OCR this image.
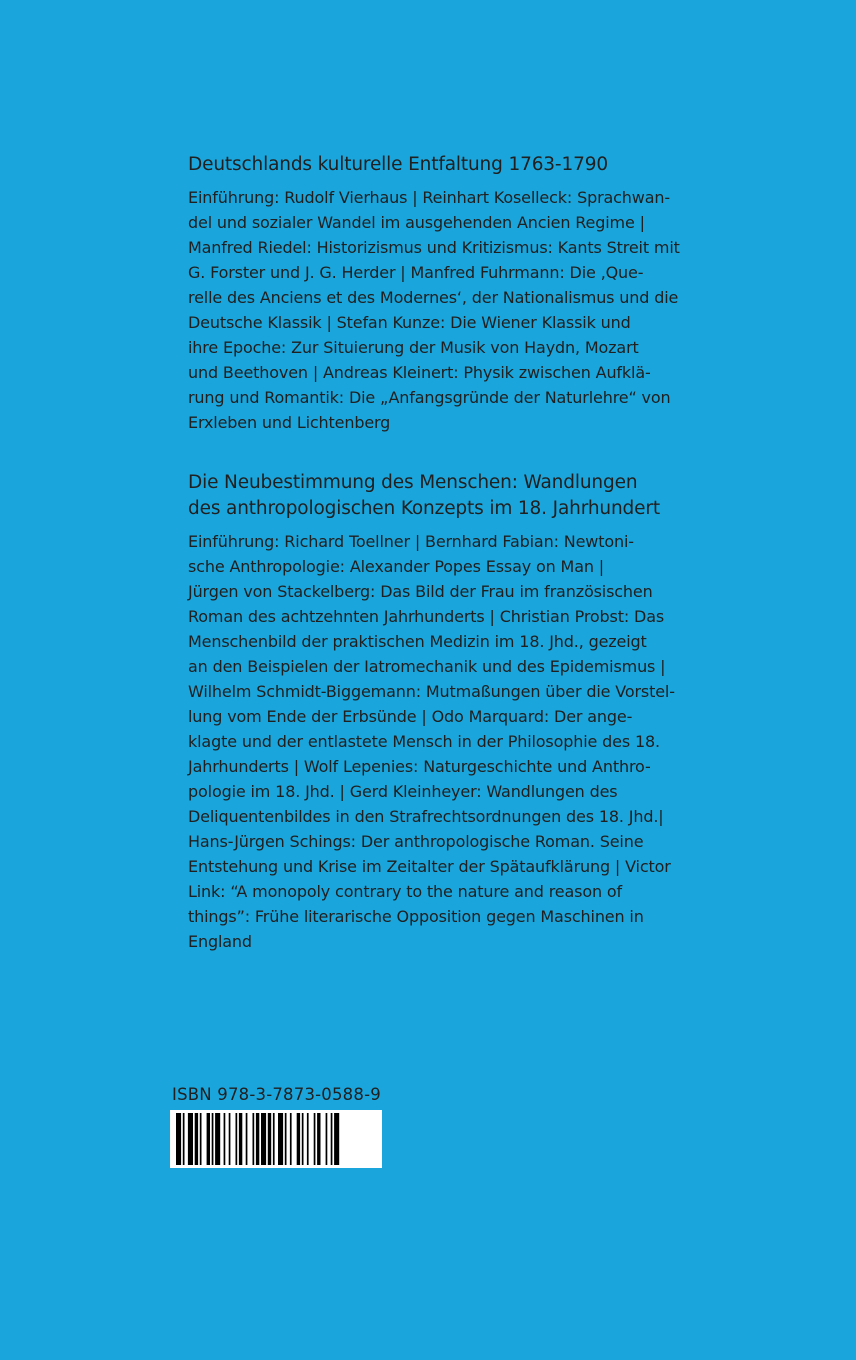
Deutschlands kulturelle Entfaltung 1763-1790
Einführung: Rudolf Vierhaus | Reinhart Koselleck: Sprachwan-
del und sozialer Wandel im ausgehenden Ancien Regime |
Manfred Riedel: Historizismus und Kritizismus: Kants Streit mit
G. Forster und J. G. Herder | Manfred Fuhrmann: Die ‚Que-
relle des Anciens et des Modernes‘, der Nationalismus und die
Deutsche Klassik | Stefan Kunze: Die Wiener Klassik und
ihre Epoche: Zur Situierung der Musik von Haydn, Mozart
und Beethoven | Andreas Kleinert: Physik zwischen Aufklä-
rung und Romantik: Die „Anfangsgründe der Naturlehre“ von
Erxleben und Lichtenberg
Die Neubestimmung des Menschen: Wandlungen
des anthropologischen Konzepts im 18. Jahrhundert
Einführung: Richard Toellner | Bernhard Fabian: Newtoni-
sche Anthropologie: Alexander Popes Essay on Man |
Jürgen von Stackelberg: Das Bild der Frau im französischen
Roman des achtzehnten Jahrhunderts | Christian Probst: Das
Menschenbild der praktischen Medizin im 18. Jhd., gezeigt
an den Beispielen der Iatromechanik und des Epidemismus |
Wilhelm Schmidt-Biggemann: Mutmaßungen über die Vorstel-
lung vom Ende der Erbsünde | Odo Marquard: Der ange-
klagte und der entlastete Mensch in der Philosophie des 18.
Jahrhunderts | Wolf Lepenies: Naturgeschichte und Anthro-
pologie im 18. Jhd. | Gerd Kleinheyer: Wandlungen des
Deliquentenbildes in den Strafrechtsordnungen des 18. Jhd.|
Hans-Jürgen Schings: Der anthropologische Roman. Seine
Entstehung und Krise im Zeitalter der Spätaufklärung | Victor
Link: “A monopoly contrary to the nature and reason of
things”: Frühe literarische Opposition gegen Maschinen in
England

ISBN 978-3-7873-0588-9
